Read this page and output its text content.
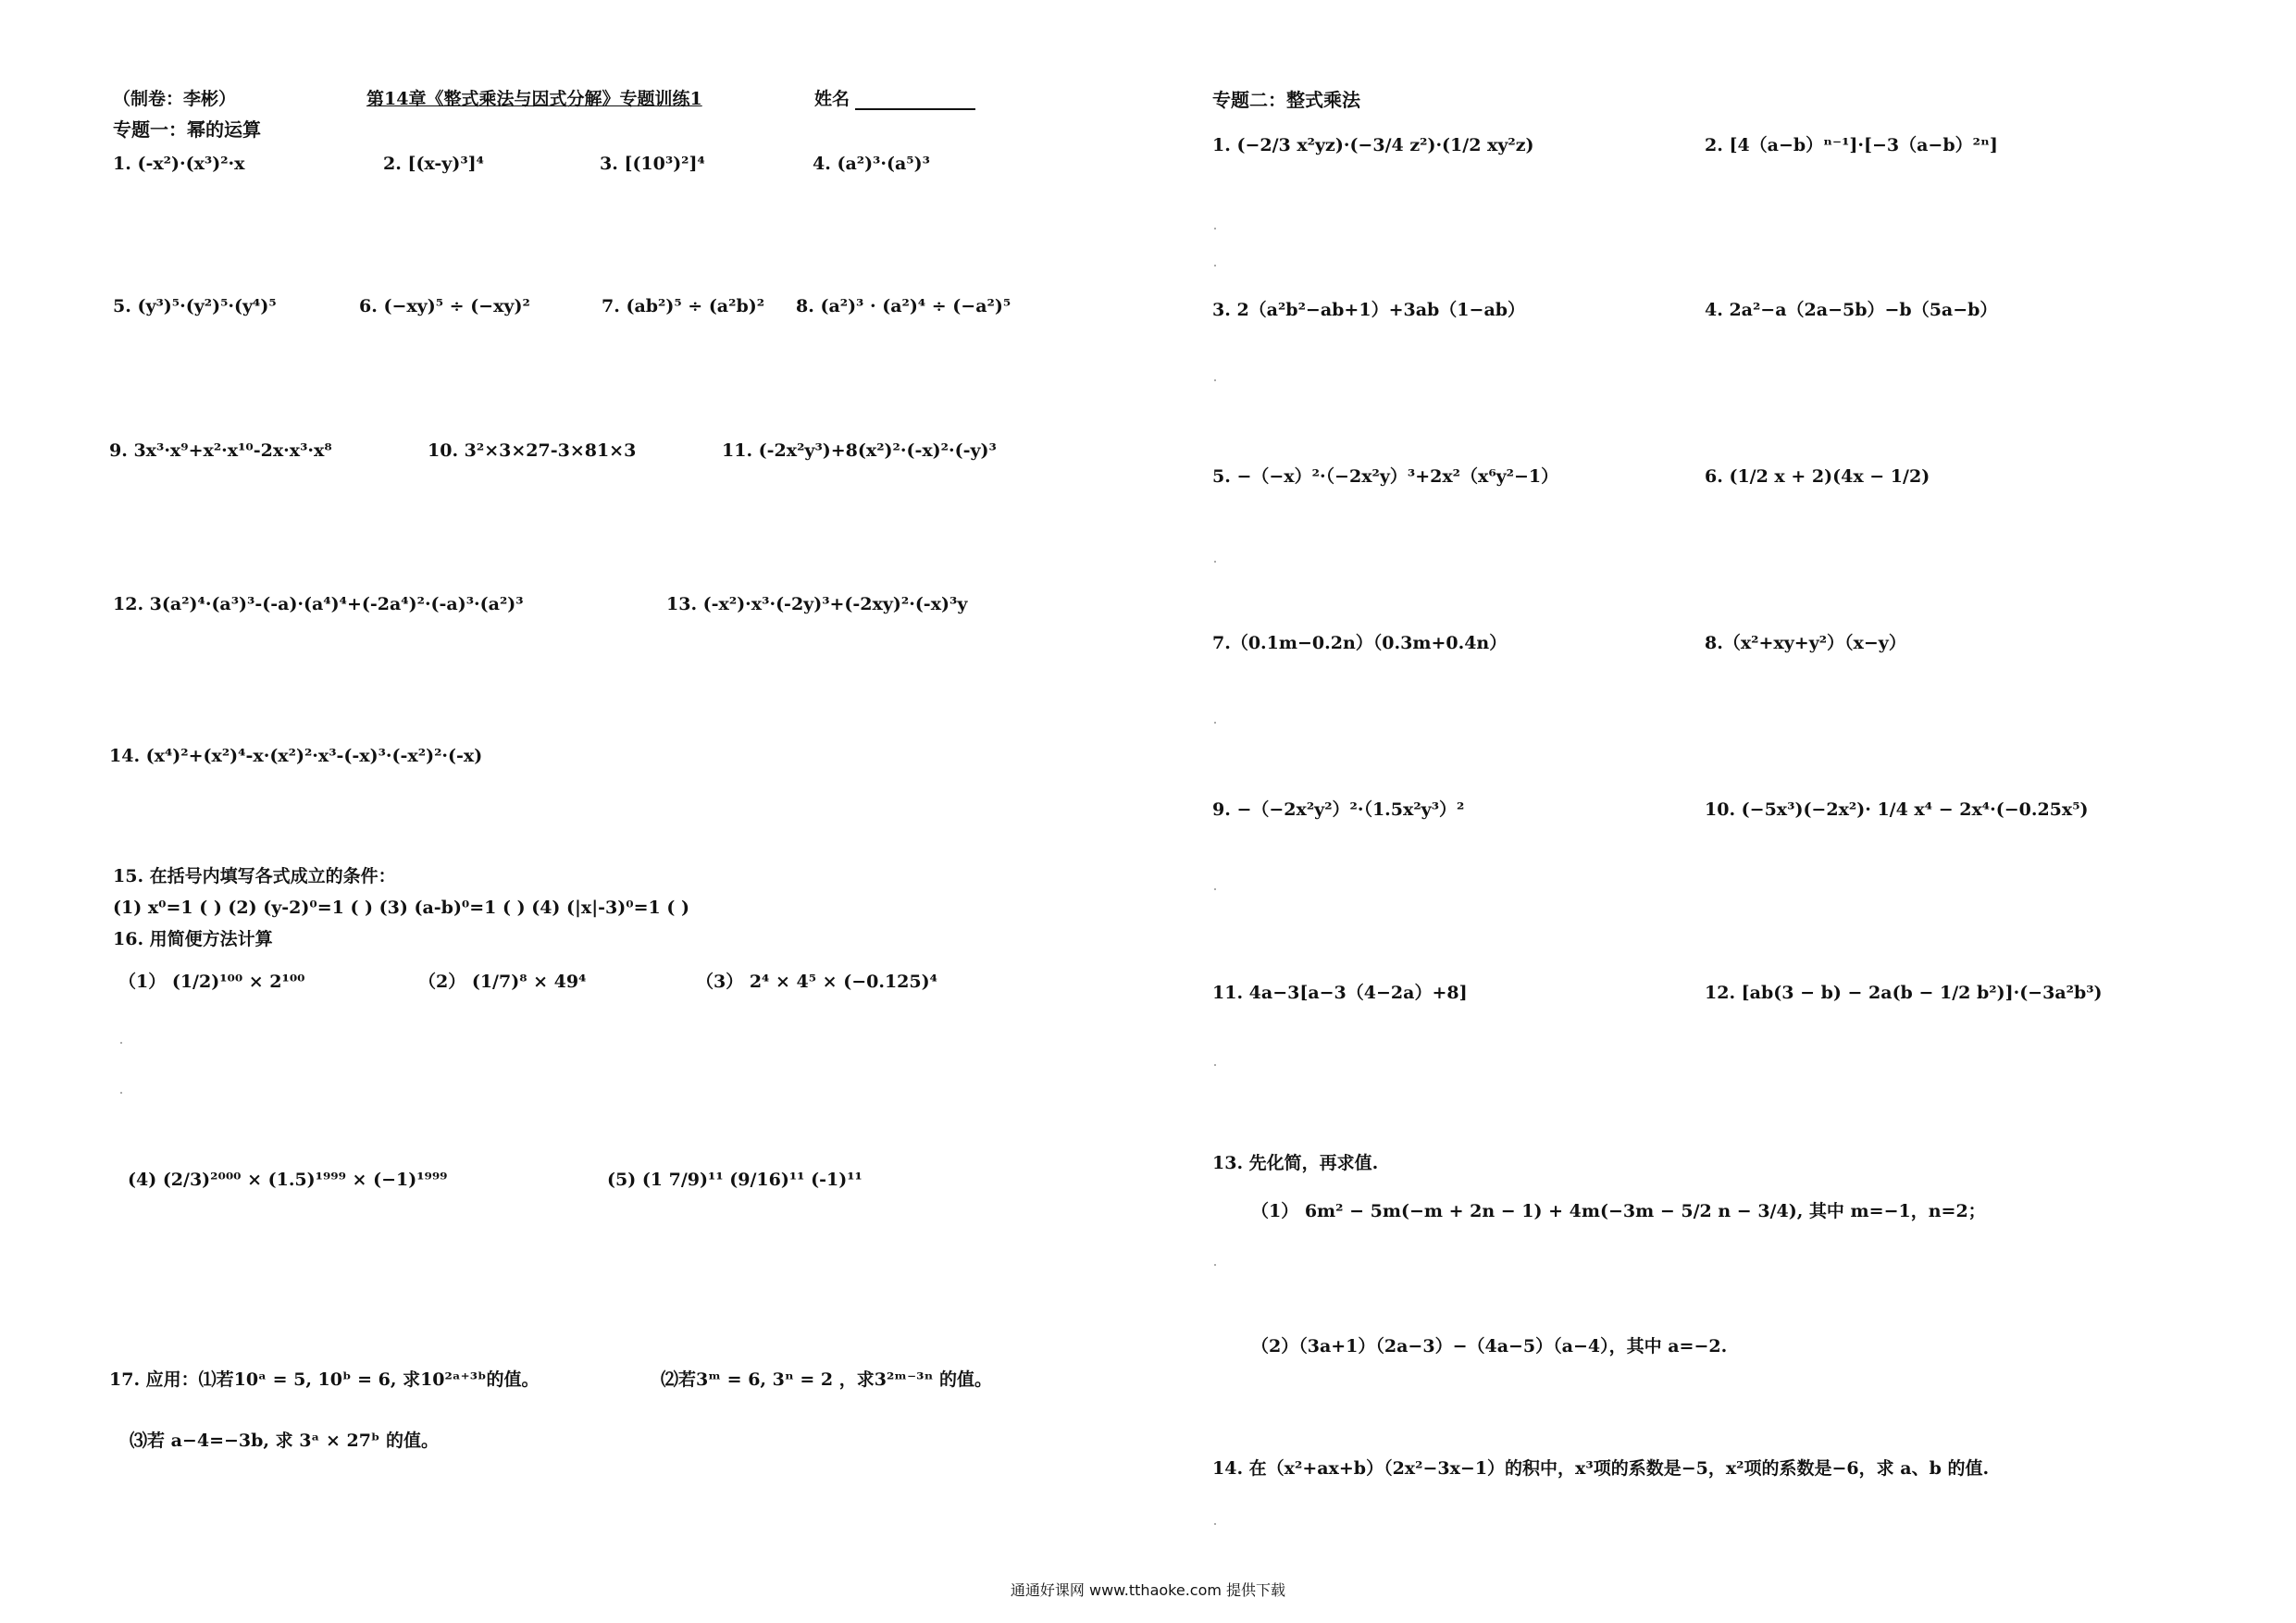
（制卷：李彬）	第14章《整式乘法与因式分解》专题训练1	姓名
专题一：幂的运算
1. (-x²)·(x³)²·x	2. [(x-y)³]⁴	3. [(10³)²]⁴	4. (a²)³·(a⁵)³
5. (y³)⁵·(y²)⁵·(y⁴)⁵	6. (−xy)⁵ ÷ (−xy)²	7. (ab²)⁵ ÷ (a²b)² 8. (a²)³ · (a²)⁴ ÷ (−a²)⁵
9. 3x³·x⁹+x²·x¹⁰-2x·x³·x⁸	10. 3²×3×27-3×81×3	11. (-2x²y³)+8(x²)²·(-x)²·(-y)³
12. 3(a²)⁴·(a³)³-(-a)·(a⁴)⁴+(-2a⁴)²·(-a)³·(a²)³	13. (-x²)·x³·(-2y)³+(-2xy)²·(-x)³y
14. (x⁴)²+(x²)⁴-x·(x²)²·x³-(-x)³·(-x²)²·(-x)
15. 在括号内填写各式成立的条件：
(1) x⁰=1 ( ) (2) (y-2)⁰=1 ( ) (3) (a-b)⁰=1 ( ) (4) (|x|-3)⁰=1 ( )
16. 用简便方法计算
（1） (1/2)¹⁰⁰ × 2¹⁰⁰	（2） (1/7)⁸ × 49⁴	（3） 2⁴ × 4⁵ × (−0.125)⁴
(4) (2/3)²⁰⁰⁰ × (1.5)¹⁹⁹⁹ × (−1)¹⁹⁹⁹	(5) (1 7/9)¹¹ (9/16)¹¹ (-1)¹¹
17. 应用：⑴若10ᵃ = 5, 10ᵇ = 6, 求10²ᵃ⁺³ᵇ的值。	⑵若3ᵐ = 6, 3ⁿ = 2 ，求3²ᵐ⁻³ⁿ 的值。
⑶若 a−4=−3b, 求 3ᵃ × 27ᵇ 的值。
专题二：整式乘法
1. (−2/3 x²yz)·(−3/4 z²)·(1/2 xy²z)	2. [4（a−b）ⁿ⁻¹]·[−3（a−b）²ⁿ]
3. 2（a²b²−ab+1）+3ab（1−ab）	4. 2a²−a（2a−5b）−b（5a−b）
5. −（−x）²·（−2x²y）³+2x²（x⁶y²−1）	6. (1/2 x + 2)(4x − 1/2)
7.（0.1m−0.2n）（0.3m+0.4n）	8.（x²+xy+y²）（x−y）
9. −（−2x²y²）²·（1.5x²y³）²	10. (−5x³)(−2x²)· 1/4 x⁴ − 2x⁴·(−0.25x⁵)
11. 4a−3[a−3（4−2a）+8]	12. [ab(3 − b) − 2a(b − 1/2 b²)]·(−3a²b³)
13. 先化简，再求值.
（1） 6m² − 5m(−m + 2n − 1) + 4m(−3m − 5/2 n − 3/4), 其中 m=−1，n=2；
（2）（3a+1）（2a−3）−（4a−5）（a−4），其中 a=−2.
14. 在（x²+ax+b）（2x²−3x−1）的积中，x³项的系数是−5，x²项的系数是−6，求 a、b 的值.
通通好课网 www.tthaoke.com 提供下载
